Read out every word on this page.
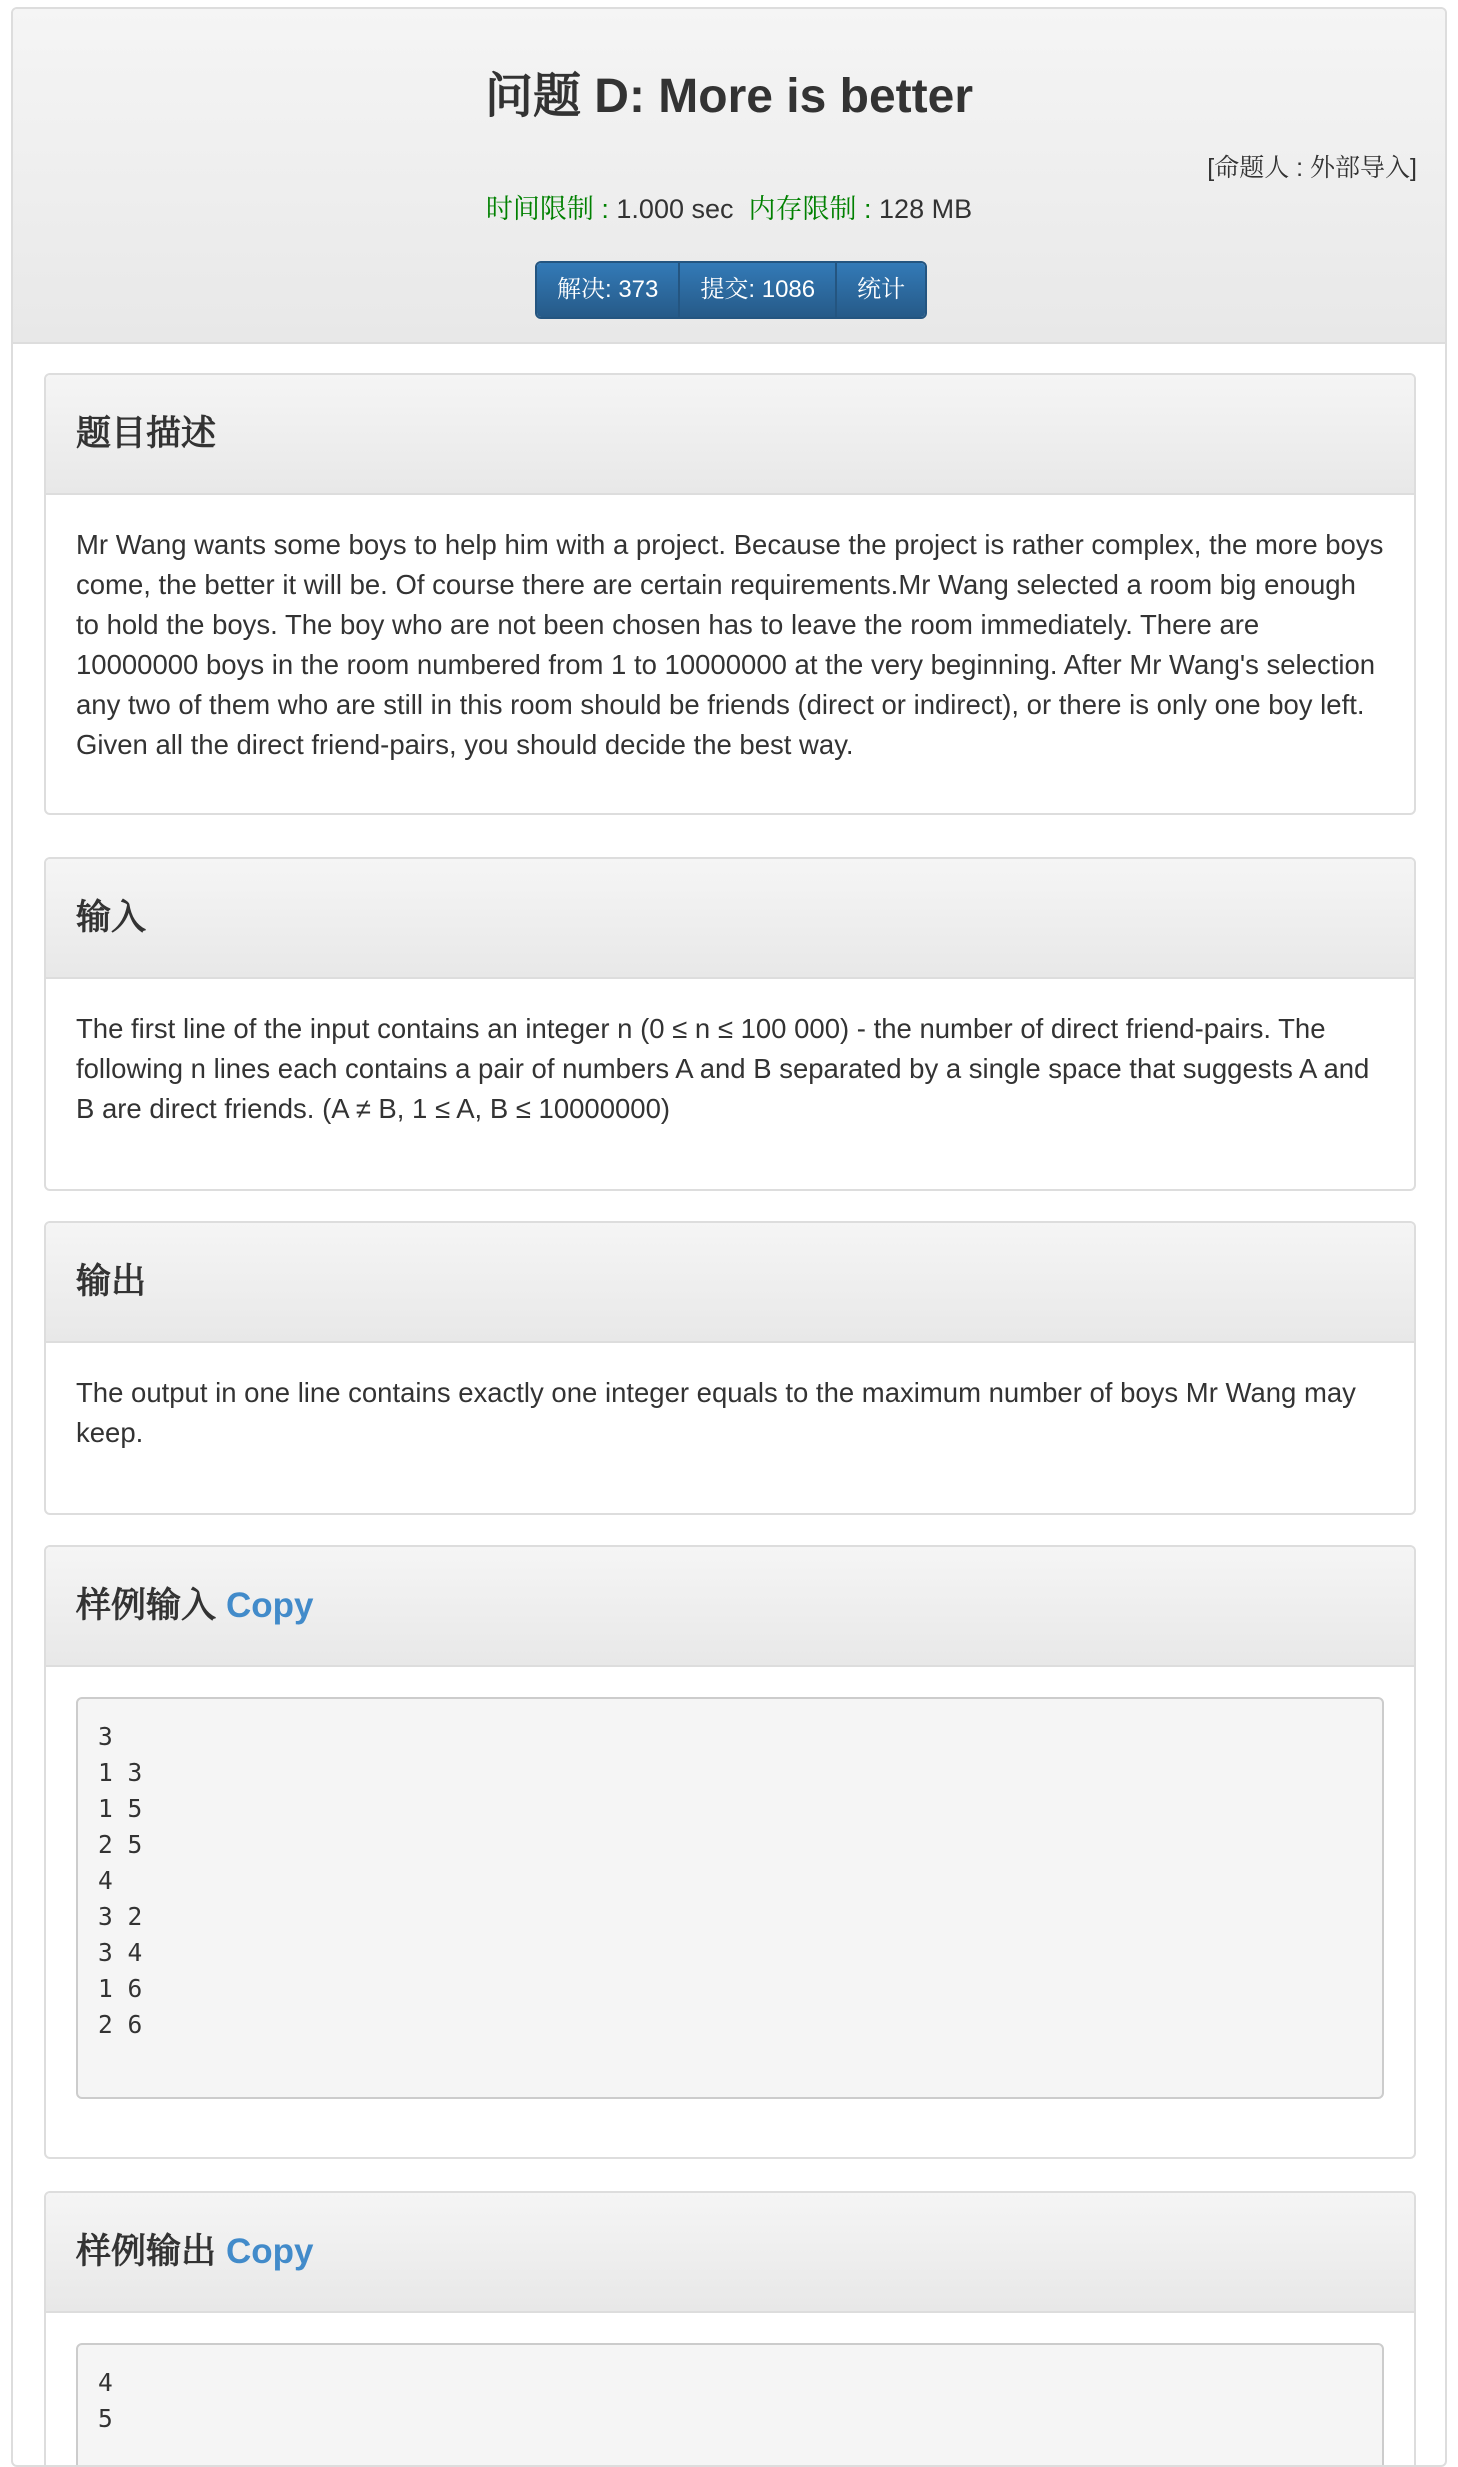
问题 D: More is better
[命题人 : 外部导入]
时间限制 : 1.000 sec 内存限制 : 128 MB
解决: 373	提交: 1086	统计
题目描述
Mr Wang wants some boys to help him with a project. Because the project is rather complex, the more boys come, the better it will be. Of course there are certain requirements.Mr Wang selected a room big enough to hold the boys. The boy who are not been chosen has to leave the room immediately. There are 10000000 boys in the room numbered from 1 to 10000000 at the very beginning. After Mr Wang's selection any two of them who are still in this room should be friends (direct or indirect), or there is only one boy left. Given all the direct friend-pairs, you should decide the best way.
输入
The first line of the input contains an integer n (0 ≤ n ≤ 100 000) - the number of direct friend-pairs. The following n lines each contains a pair of numbers A and B separated by a single space that suggests A and B are direct friends. (A ≠ B, 1 ≤ A, B ≤ 10000000)
输出
The output in one line contains exactly one integer equals to the maximum number of boys Mr Wang may keep.
样例输入 Copy
3
1 3
1 5
2 5
4
3 2
3 4
1 6
2 6
样例输出 Copy
4
5
